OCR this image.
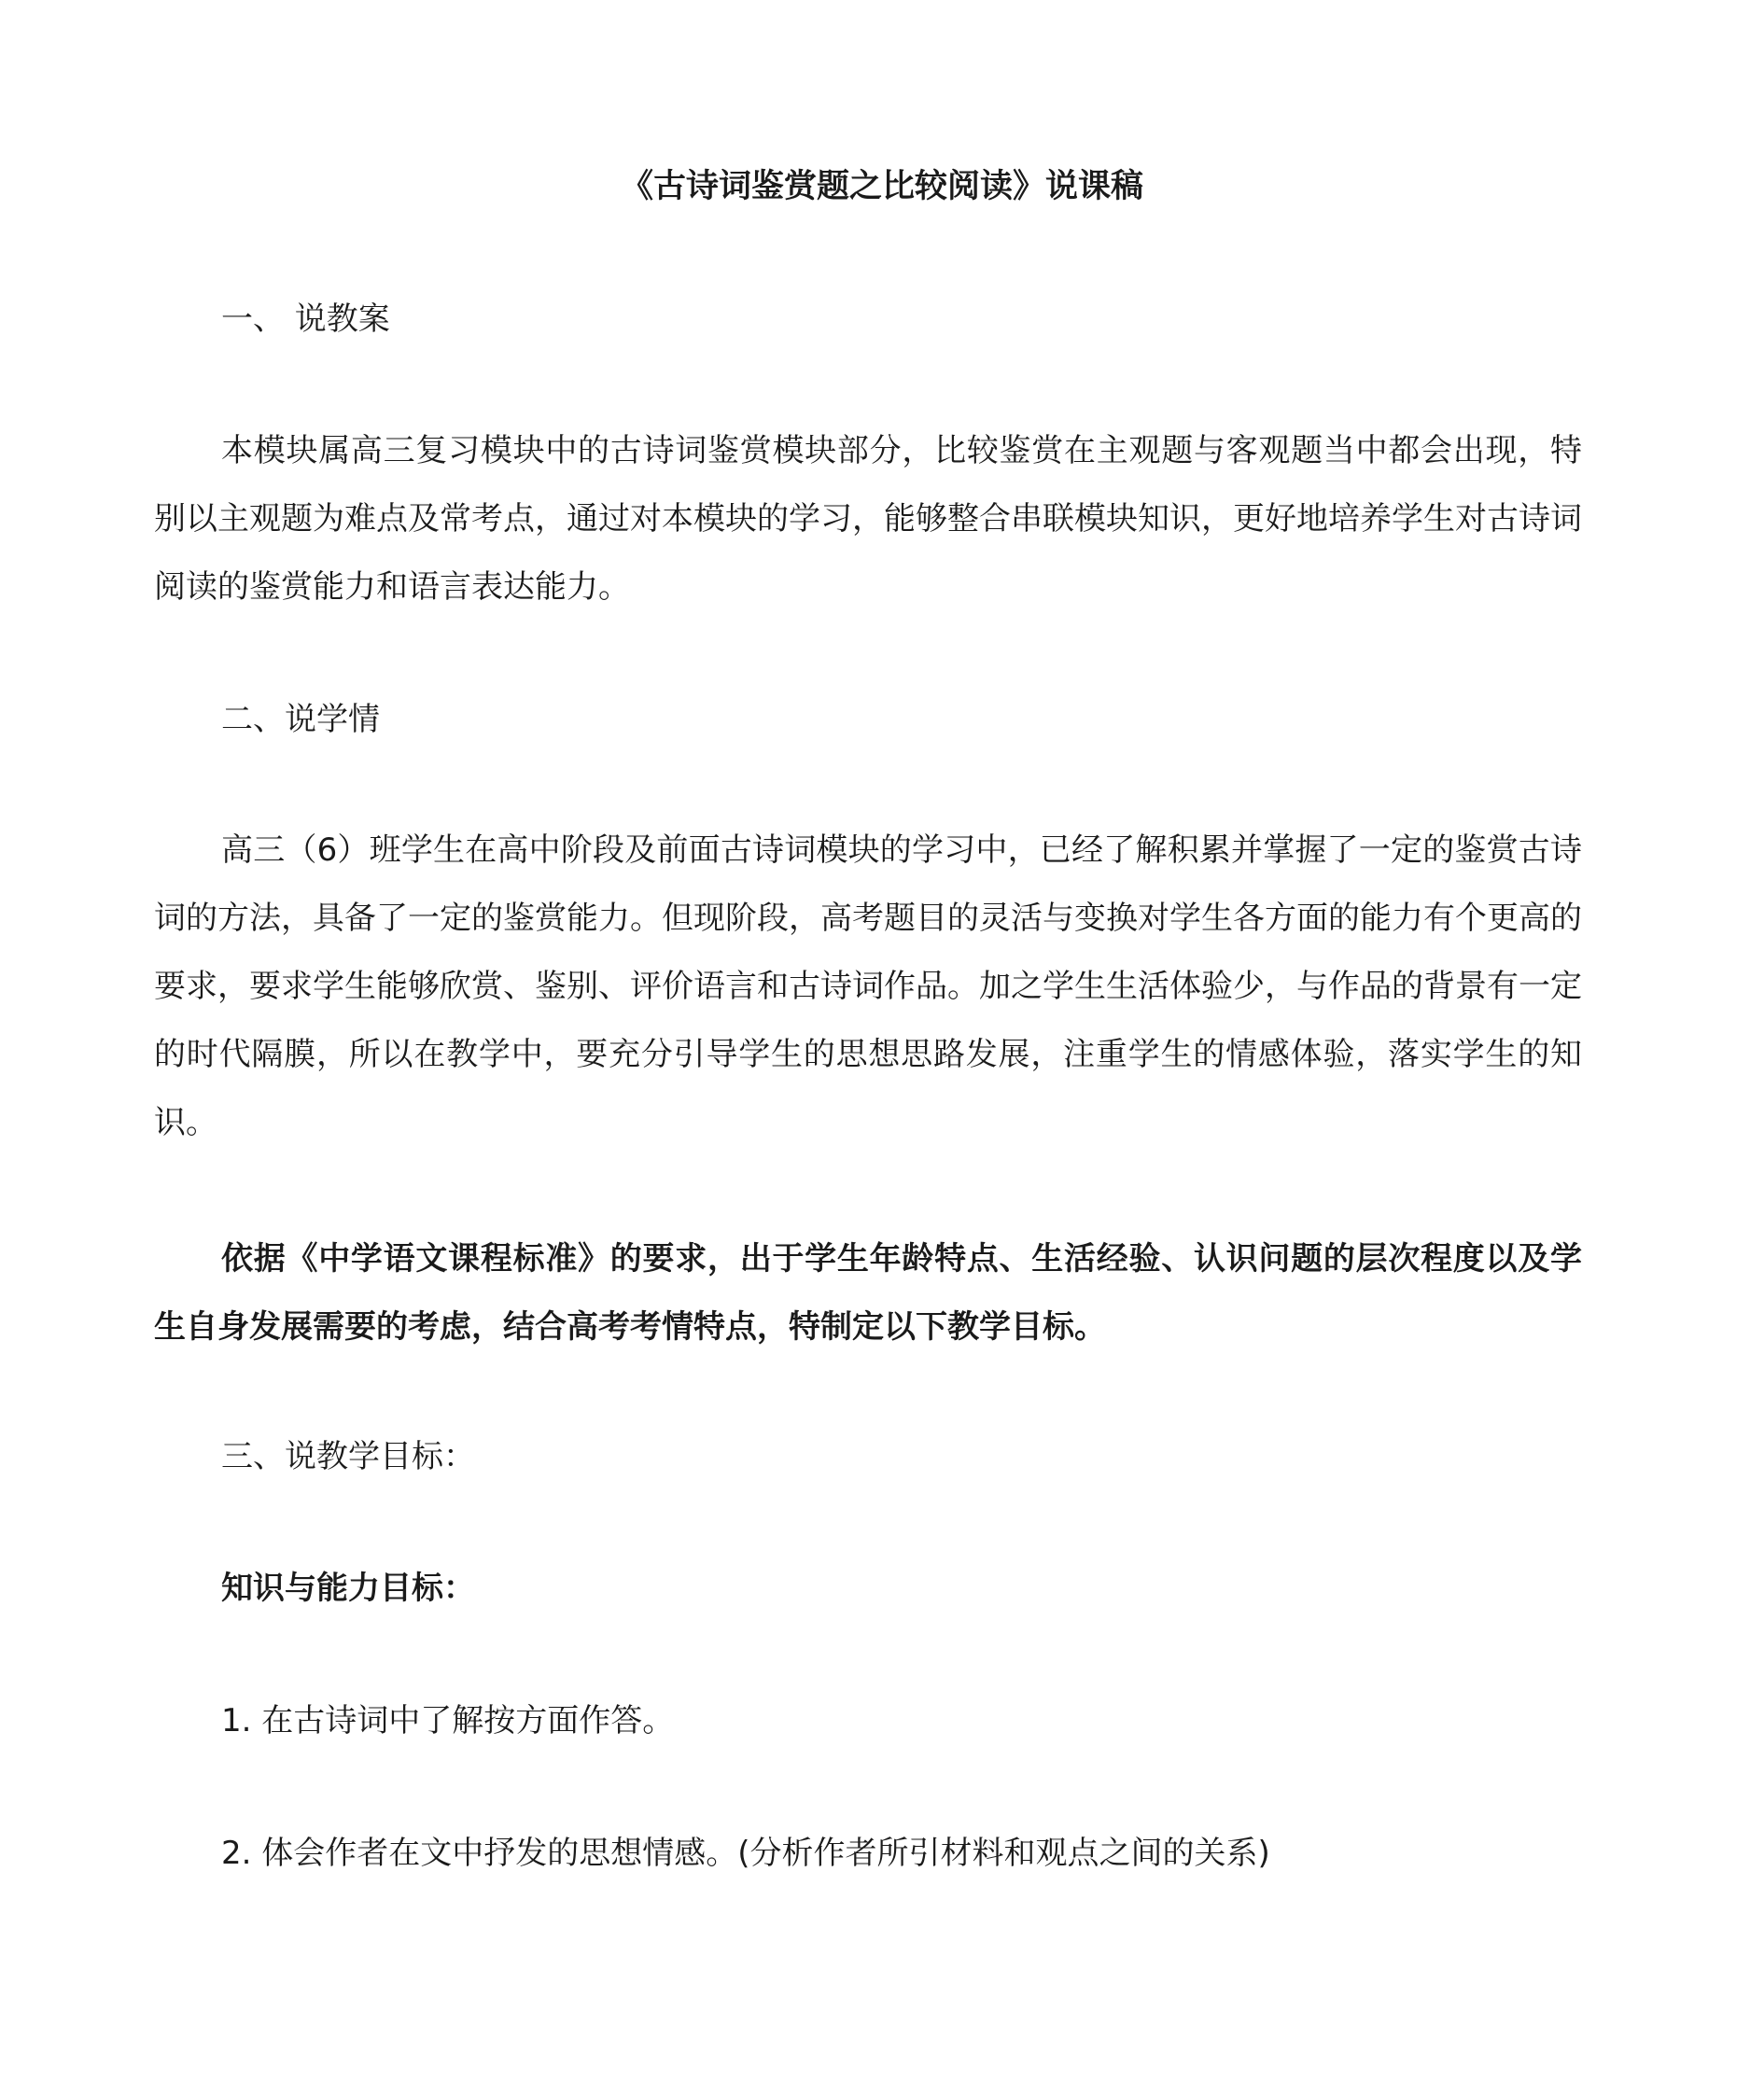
《古诗词鉴赏题之比较阅读》说课稿

一、 说教案

本模块属高三复习模块中的古诗词鉴赏模块部分，比较鉴赏在主观题与客观题当中都会出现，特别以主观题为难点及常考点，通过对本模块的学习，能够整合串联模块知识，更好地培养学生对古诗词阅读的鉴赏能力和语言表达能力。

二、说学情

高三（6）班学生在高中阶段及前面古诗词模块的学习中，已经了解积累并掌握了一定的鉴赏古诗词的方法，具备了一定的鉴赏能力。但现阶段，高考题目的灵活与变换对学生各方面的能力有个更高的要求，要求学生能够欣赏、鉴别、评价语言和古诗词作品。加之学生生活体验少，与作品的背景有一定的时代隔膜，所以在教学中，要充分引导学生的思想思路发展，注重学生的情感体验，落实学生的知识。

依据《中学语文课程标准》的要求，出于学生年龄特点、生活经验、认识问题的层次程度以及学生自身发展需要的考虑，结合高考考情特点，特制定以下教学目标。

三、说教学目标：

知识与能力目标：

1. 在古诗词中了解按方面作答。

2. 体会作者在文中抒发的思想情感。(分析作者所引材料和观点之间的关系)
